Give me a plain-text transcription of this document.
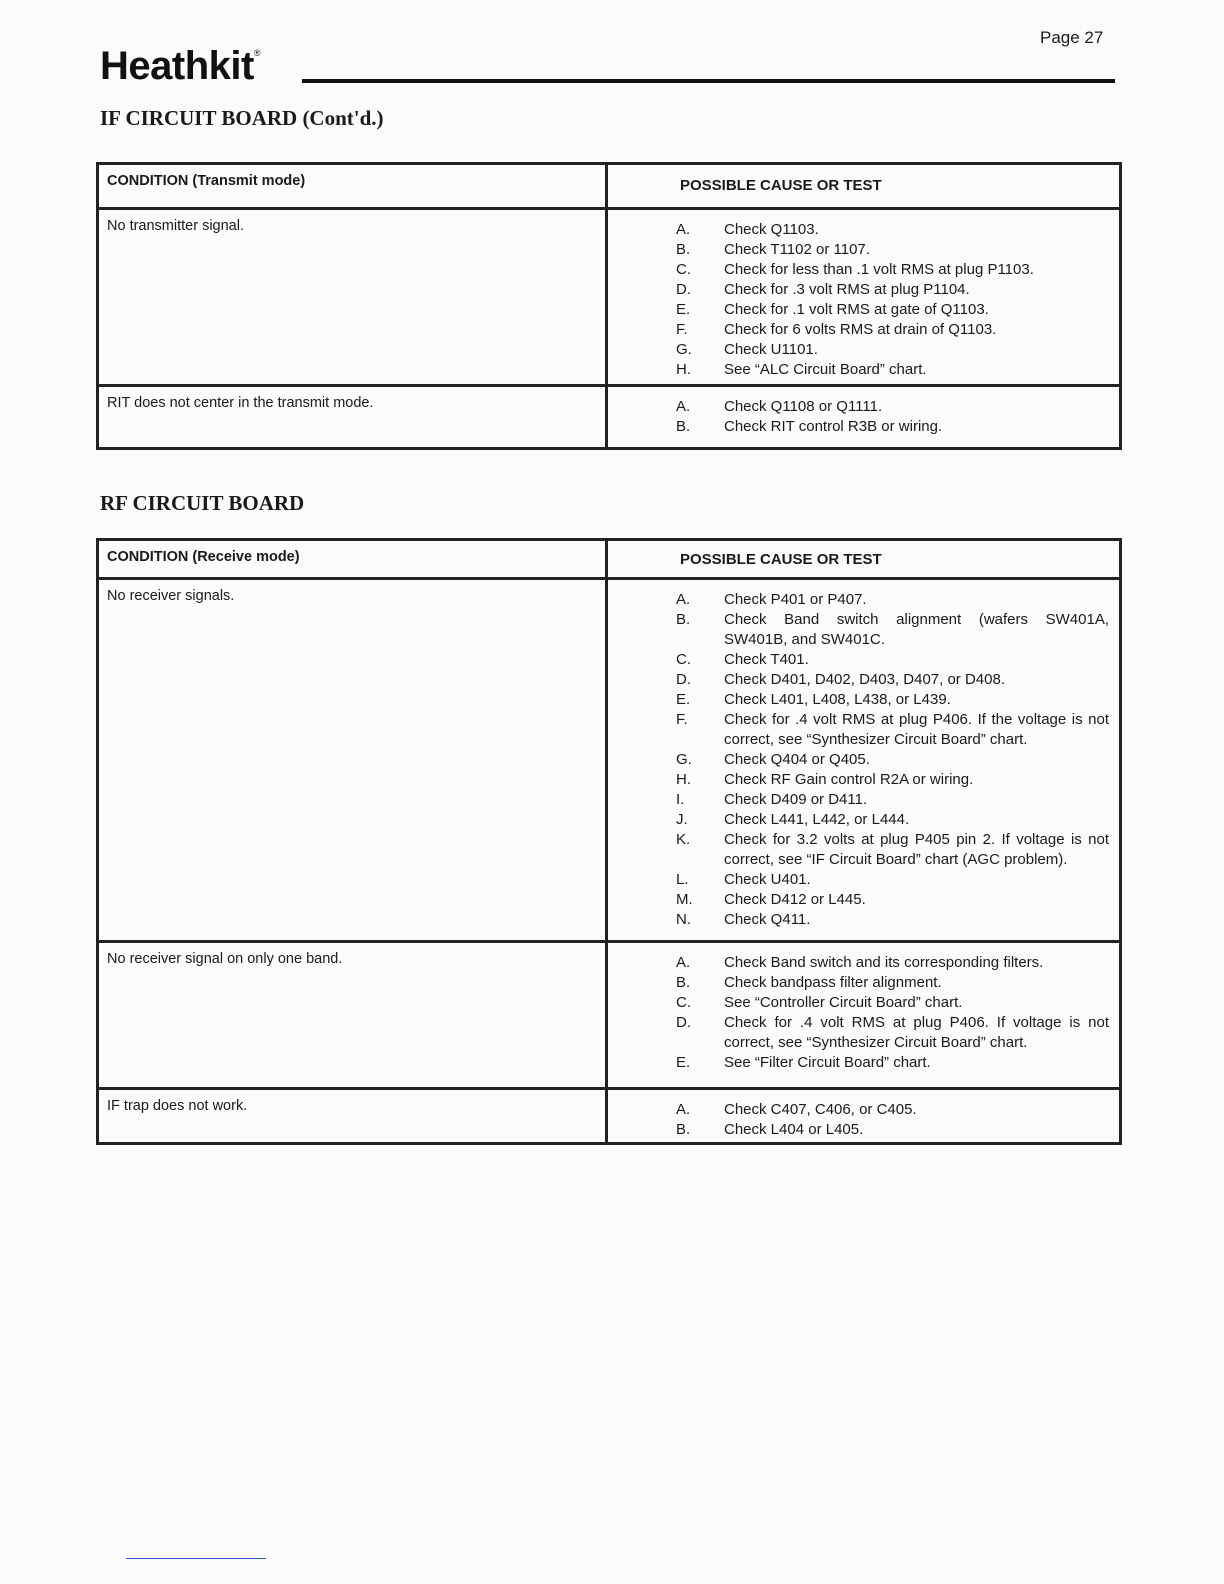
Heathkit®
Page 27
IF CIRCUIT BOARD (Cont'd.)
CONDITION (Transmit mode)	POSSIBLE CAUSE OR TEST
No transmitter signal.	A.	Check Q1103.
B.	Check T1102 or 1107.
C.	Check for less than .1 volt RMS at plug P1103.
D.	Check for .3 volt RMS at plug P1104.
E.	Check for .1 volt RMS at gate of Q1103.
F.	Check for 6 volts RMS at drain of Q1103.
G.	Check U1101.
H.	See “ALC Circuit Board” chart.
RIT does not center in the transmit mode.	A.	Check Q1108 or Q1111.
B.	Check RIT control R3B or wiring.
RF CIRCUIT BOARD
CONDITION (Receive mode)	POSSIBLE CAUSE OR TEST
No receiver signals.	A.	Check P401 or P407.
B.	Check Band switch alignment (wafers SW401A, SW401B, and SW401C.
C.	Check T401.
D.	Check D401, D402, D403, D407, or D408.
E.	Check L401, L408, L438, or L439.
F.	Check for .4 volt RMS at plug P406. If the voltage is not correct, see “Synthesizer Circuit Board” chart.
G.	Check Q404 or Q405.
H.	Check RF Gain control R2A or wiring.
I.	Check D409 or D411.
J.	Check L441, L442, or L444.
K.	Check for 3.2 volts at plug P405 pin 2. If voltage is not correct, see “IF Circuit Board” chart (AGC problem).
L.	Check U401.
M.	Check D412 or L445.
N.	Check Q411.
No receiver signal on only one band.	A.	Check Band switch and its corresponding filters.
B.	Check bandpass filter alignment.
C.	See “Controller Circuit Board” chart.
D.	Check for .4 volt RMS at plug P406. If voltage is not correct, see “Synthesizer Circuit Board” chart.
E.	See “Filter Circuit Board” chart.
IF trap does not work.	A.	Check C407, C406, or C405.
B.	Check L404 or L405.
